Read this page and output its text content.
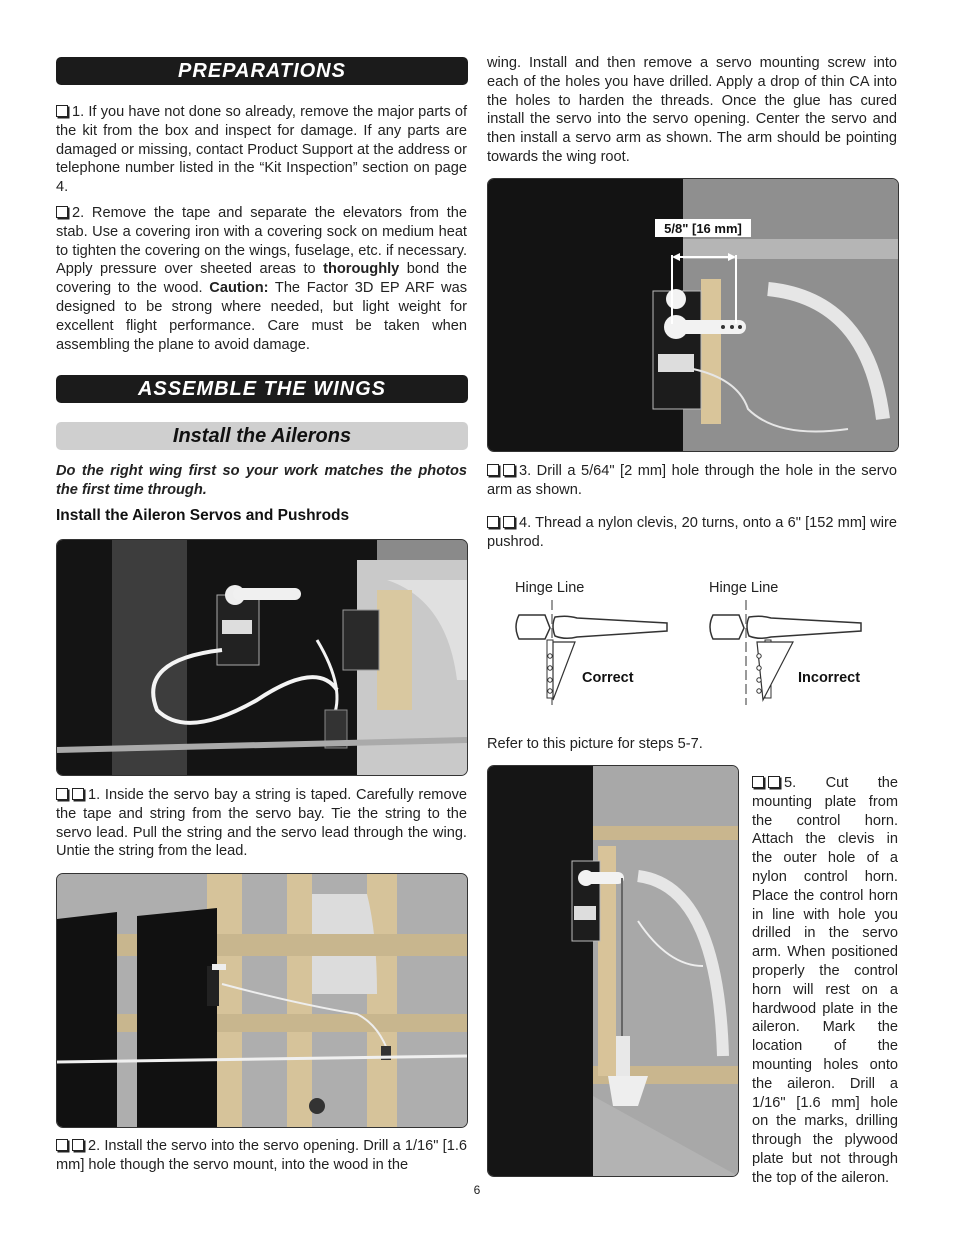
PREPARATIONS
1. If you have not done so already, remove the major parts of the kit from the box and inspect for damage. If any parts are damaged or missing, contact Product Support at the address or telephone number listed in the “Kit Inspection” section on page 4.
2. Remove the tape and separate the elevators from the stab. Use a covering iron with a covering sock on medium heat to tighten the covering on the wings, fuselage, etc. if necessary. Apply pressure over sheeted areas to thoroughly bond the covering to the wood. Caution: The Factor 3D EP ARF was designed to be strong where needed, but light weight for excellent flight performance. Care must be taken when assembling the plane to avoid damage.
ASSEMBLE THE WINGS
Install the Ailerons
Do the right wing first so your work matches the photos the first time through.
Install the Aileron Servos and Pushrods
1. Inside the servo bay a string is taped. Carefully remove the tape and string from the servo bay. Tie the string to the servo lead. Pull the string and the servo lead through the wing. Untie the string from the lead.
2. Install the servo into the servo opening. Drill a 1/16" [1.6 mm] hole though the servo mount, into the wood in the
wing. Install and then remove a servo mounting screw into each of the holes you have drilled. Apply a drop of thin CA into the holes to harden the threads. Once the glue has cured install the servo into the servo opening. Center the servo and then install a servo arm as shown. The arm should be pointing towards the wing root.
5/8" [16 mm]
3. Drill a 5/64" [2 mm] hole through the hole in the servo arm as shown.
4. Thread a nylon clevis, 20 turns, onto a 6" [152 mm] wire pushrod.
Hinge Line	Hinge Line
Correct	Incorrect
Refer to this picture for steps 5-7.
5. Cut the mounting plate from the control horn. Attach the clevis in the outer hole of a nylon control horn. Place the control horn in line with hole you drilled in the servo arm. When positioned properly the control horn will rest on a hardwood plate in the aileron. Mark the location of the mounting holes onto the aileron. Drill a 1/16" [1.6 mm] hole on the marks, drilling through the plywood plate but not through the top of the aileron.
6
